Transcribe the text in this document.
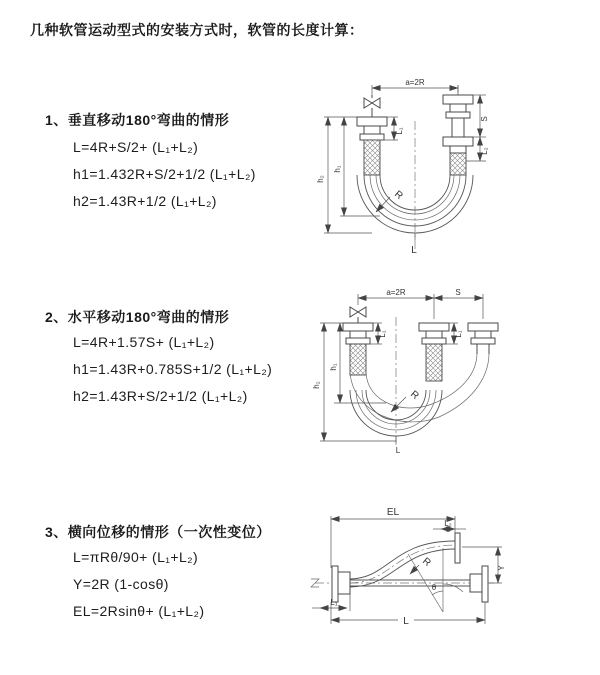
几种软管运动型式的安装方式时，软管的长度计算：
1、垂直移动180°弯曲的情形
L=4R+S/2+ (L₁+L₂)
h1=1.432R+S/2+1/2 (L₁+L₂)
h2=1.43R+1/2 (L₁+L₂)
a=2R
L₁
h₁
h₂
S
L₂
R
L
2、水平移动180°弯曲的情形
L=4R+1.57S+ (L₁+L₂)
h1=1.43R+0.785S+1/2 (L₁+L₂)
h2=1.43R+S/2+1/2 (L₁+L₂)
a=2R	S
L₁	L₁
h₁
h₂
R
L
3、横向位移的情形（一次性变位）
L=πRθ/90+ (L₁+L₂)
Y=2R (1-cosθ)
EL=2Rsinθ+ (L₁+L₂)
θ
EL
L₂
R	Y
L₁
L
